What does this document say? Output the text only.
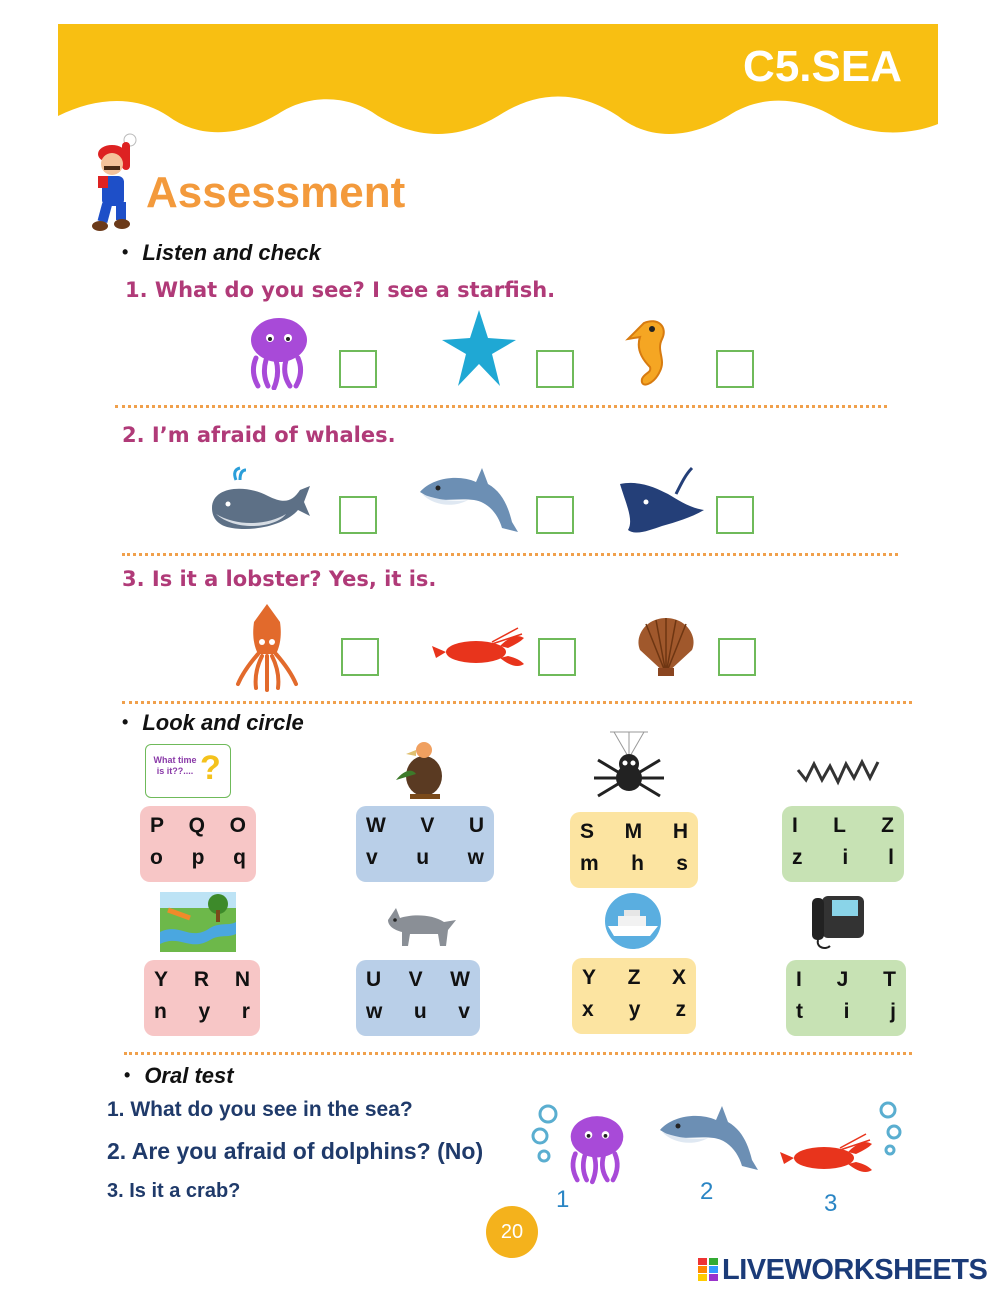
C5.SEA
Assessment
• Listen and check
1. What do you see? I see a starfish.
2. I’m afraid of whales.
3. Is it a lobster? Yes, it is.
• Look and circle
What time is it??.... ?
P Q O
o p q
W V U
v u w
S M H
m h s
I L Z
z i l
Y R N
n y r
U V W
w u v
Y Z X
x y z
I J T
t i j
• Oral test
1. What do you see in the sea?
2. Are you afraid of dolphins? (No)
3. Is it a crab?	1	2	3
20
LIVEWORKSHEETS
